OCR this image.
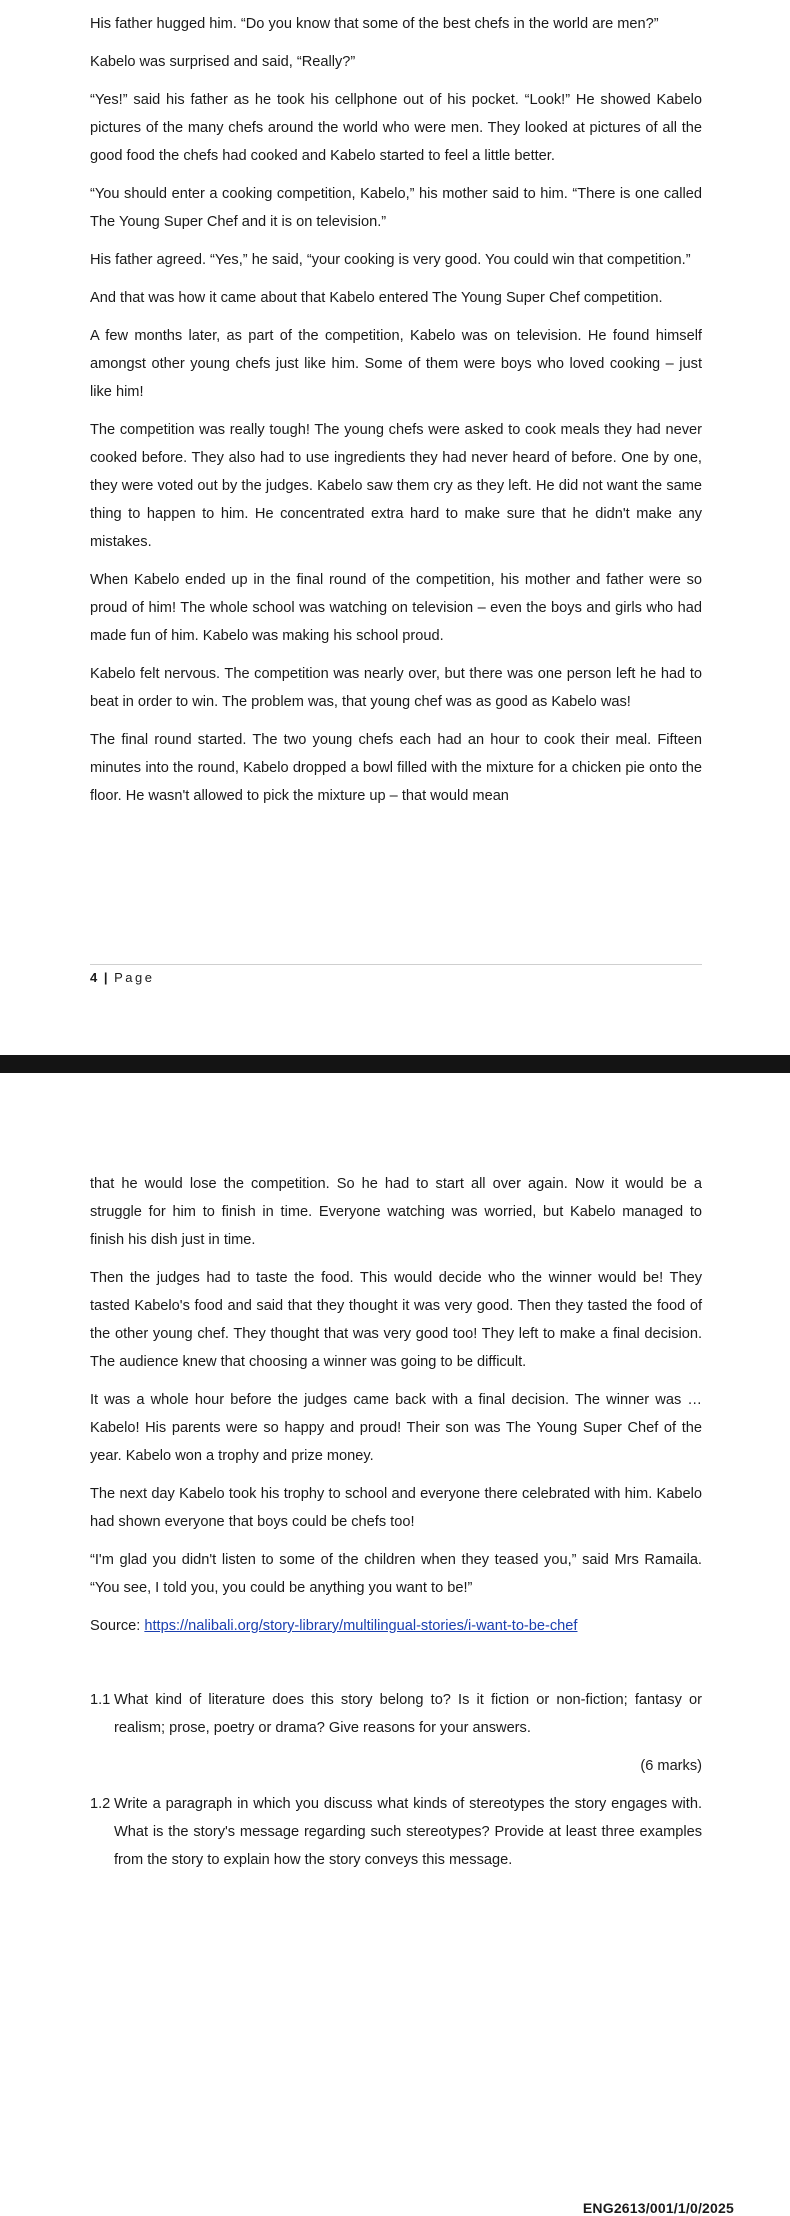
His father hugged him. “Do you know that some of the best chefs in the world are men?”

Kabelo was surprised and said, “Really?”

“Yes!” said his father as he took his cellphone out of his pocket. “Look!” He showed Kabelo pictures of the many chefs around the world who were men. They looked at pictures of all the good food the chefs had cooked and Kabelo started to feel a little better.

“You should enter a cooking competition, Kabelo,” his mother said to him. “There is one called The Young Super Chef and it is on television.”

His father agreed. “Yes,” he said, “your cooking is very good. You could win that competition.”

And that was how it came about that Kabelo entered The Young Super Chef competition.

A few months later, as part of the competition, Kabelo was on television. He found himself amongst other young chefs just like him. Some of them were boys who loved cooking – just like him!

The competition was really tough! The young chefs were asked to cook meals they had never cooked before. They also had to use ingredients they had never heard of before. One by one, they were voted out by the judges. Kabelo saw them cry as they left. He did not want the same thing to happen to him. He concentrated extra hard to make sure that he didn't make any mistakes.

When Kabelo ended up in the final round of the competition, his mother and father were so proud of him! The whole school was watching on television – even the boys and girls who had made fun of him. Kabelo was making his school proud.

Kabelo felt nervous. The competition was nearly over, but there was one person left he had to beat in order to win. The problem was, that young chef was as good as Kabelo was!

The final round started. The two young chefs each had an hour to cook their meal. Fifteen minutes into the round, Kabelo dropped a bowl filled with the mixture for a chicken pie onto the floor. He wasn't allowed to pick the mixture up – that would mean

4 | Page
ENG2613/001/1/0/2025

that he would lose the competition. So he had to start all over again. Now it would be a struggle for him to finish in time. Everyone watching was worried, but Kabelo managed to finish his dish just in time.

Then the judges had to taste the food. This would decide who the winner would be! They tasted Kabelo's food and said that they thought it was very good. Then they tasted the food of the other young chef. They thought that was very good too! They left to make a final decision. The audience knew that choosing a winner was going to be difficult.

It was a whole hour before the judges came back with a final decision. The winner was … Kabelo! His parents were so happy and proud! Their son was The Young Super Chef of the year. Kabelo won a trophy and prize money.

The next day Kabelo took his trophy to school and everyone there celebrated with him. Kabelo had shown everyone that boys could be chefs too!

“I'm glad you didn't listen to some of the children when they teased you,” said Mrs Ramaila. “You see, I told you, you could be anything you want to be!”

Source: https://nalibali.org/story-library/multilingual-stories/i-want-to-be-chef

1.1 What kind of literature does this story belong to? Is it fiction or non-fiction; fantasy or realism; prose, poetry or drama? Give reasons for your answers.
(6 marks)
1.2 Write a paragraph in which you discuss what kinds of stereotypes the story engages with. What is the story's message regarding such stereotypes? Provide at least three examples from the story to explain how the story conveys this message.
